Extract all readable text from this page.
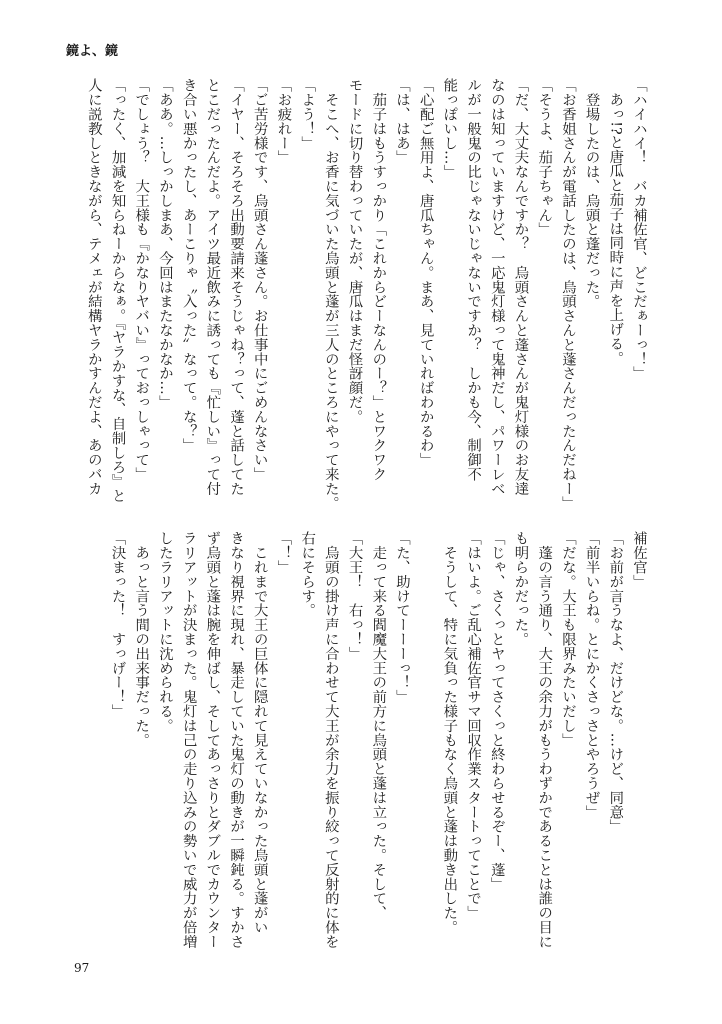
鏡よ、鏡

「ハイハイ！　バカ補佐官、どこだぁーっ！」

　あっ!?と唐瓜と茄子は同時に声を上げる。

　登場したのは、烏頭と蓬だった。

「お香姐さんが電話したのは、烏頭さんと蓬さんだったんだねー」

「そうよ、茄子ちゃん」

「だ、大丈夫なんですか？　烏頭さんと蓬さんが鬼灯様のお友達

なのは知っていますけど、一応鬼灯様って鬼神だし、パワーレベ

ルが一般鬼の比じゃないじゃないですか？　しかも今、制御不

能っぽいし…」

「心配ご無用よ、唐瓜ちゃん。まあ、見ていればわかるわ」

「は、はあ」

　茄子はもうすっかり「これからどーなんのー？」とワクワク

モードに切り替わっていたが、唐瓜はまだ怪訝顔だ。

　そこへ、お香に気づいた烏頭と蓬が三人のところにやって来た。

「よう！」

「お疲れー」

「ご苦労様です、烏頭さん蓬さん。お仕事中にごめんなさい」

「イヤー、そろそろ出動要請来そうじゃね？って、蓬と話してた

とこだったんだよ。アイツ最近飲みに誘っても『忙しい』って付

き合い悪かったし、あーこりゃ〝入った〟なって。な？」

「ああ。…しっかしまあ、今回はまたなかなか…」

「でしょう？　大王様も『かなりヤバい』っておっしゃって」

「ったく、加減を知らねーからなぁ。『ヤラかすな、自制しろ』と

人に説教しときながら、テメェが結構ヤラかすんだよ、あのバカ

補佐官」

「お前が言うなよ、だけどな。…けど、同意」

「前半いらね。とにかくさっさとやろうぜ」

「だな。大王も限界みたいだし」

　蓬の言う通り、大王の余力がもうわずかであることは誰の目に

も明らかだった。

「じゃ、さくっとヤってさくっと終わらせるぞー、蓬」

「はいよ。ご乱心補佐官サマ回収作業スタートってことで」

　そうして、特に気負った様子もなく烏頭と蓬は動き出した。

「た、助けてーーーっ！」

　走って来る閻魔大王の前方に烏頭と蓬は立った。そして、

「大王！　右っ！」

　烏頭の掛け声に合わせて大王が余力を振り絞って反射的に体を

右にそらす。

「！」

　これまで大王の巨体に隠れて見えていなかった烏頭と蓬がい

きなり視界に現れ、暴走していた鬼灯の動きが一瞬鈍る。すかさ

ず烏頭と蓬は腕を伸ばし、そしてあっさりとダブルでカウンター

ラリアットが決まった。鬼灯は己の走り込みの勢いで威力が倍増

したラリアットに沈められる。

　あっと言う間の出来事だった。

「決まった！　すっげー！」

97
